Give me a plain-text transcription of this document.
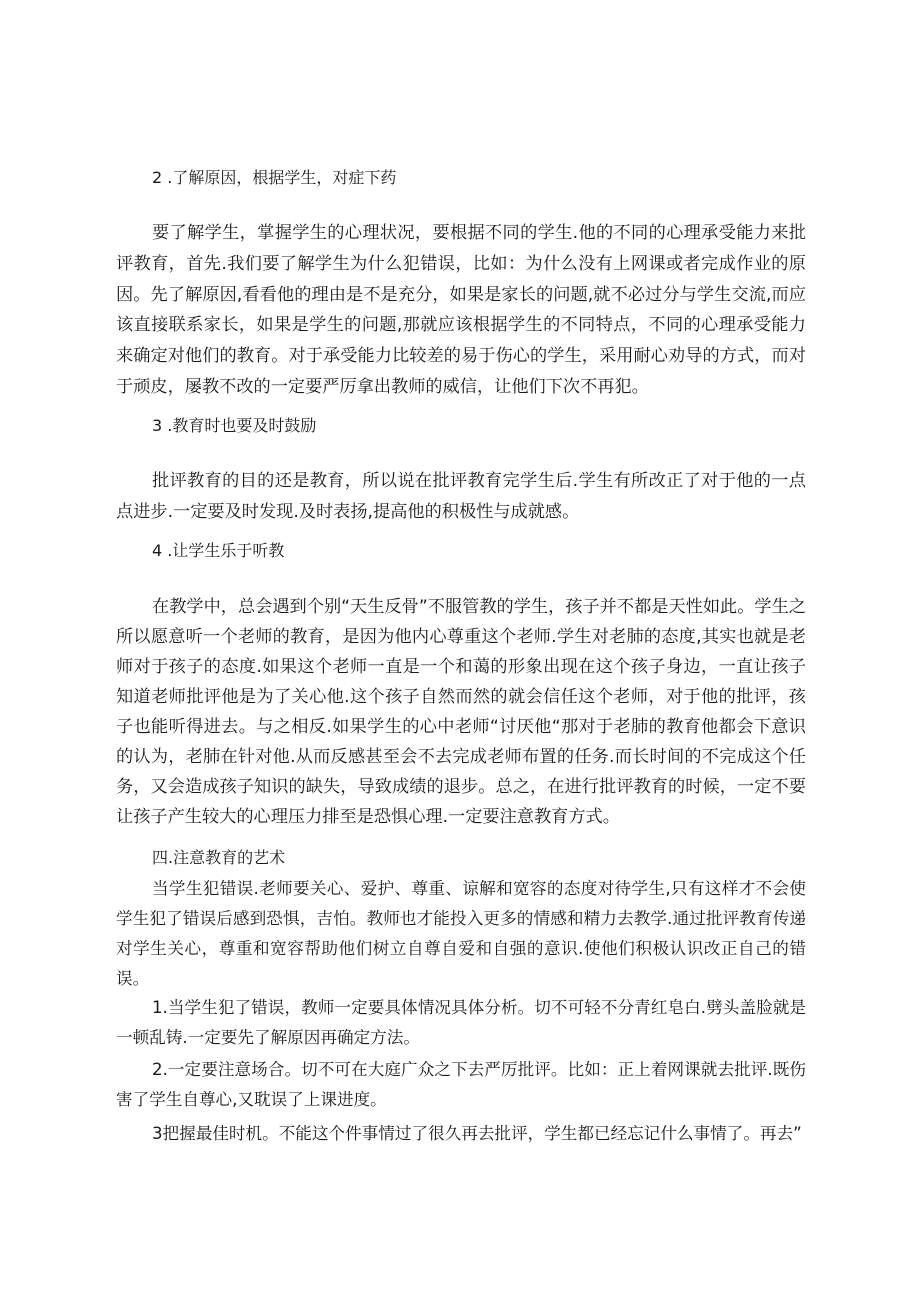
2 .了解原因，根据学生，对症下药

要了解学生，掌握学生的心理状况，要根据不同的学生.他的不同的心理承受能力来批评教育，首先.我们要了解学生为什么犯错误，比如：为什么没有上网课或者完成作业的原因。先了解原因,看看他的理由是不是充分，如果是家长的问题,就不必过分与学生交流,而应该直接联系家长，如果是学生的问题,那就应该根据学生的不同特点，不同的心理承受能力来确定对他们的教育。对于承受能力比较差的易于伤心的学生，采用耐心劝导的方式，而对于顽皮，屡教不改的一定要严厉拿出教师的威信，让他们下次不再犯。

3 .教育时也要及时鼓励

批评教育的目的还是教育，所以说在批评教育完学生后.学生有所改正了对于他的一点点进步.一定要及时发现.及时表扬,提高他的积极性与成就感。

4 .让学生乐于听教

在教学中，总会遇到个别“天生反骨”不服管教的学生，孩子并不都是天性如此。学生之所以愿意听一个老师的教育，是因为他内心尊重这个老师.学生对老肺的态度,其实也就是老师对于孩子的态度.如果这个老师一直是一个和蔼的形象出现在这个孩子身边，一直让孩子知道老师批评他是为了关心他.这个孩子自然而然的就会信任这个老师，对于他的批评，孩子也能听得进去。与之相反.如果学生的心中老师“讨厌他“那对于老肺的教育他都会下意识的认为，老肺在针对他.从而反感甚至会不去完成老师布置的任务.而长时间的不完成这个任务，又会造成孩子知识的缺失，导致成绩的退步。总之，在进行批评教育的时候，一定不要让孩子产生较大的心理压力排至是恐惧心理.一定要注意教育方式。

四.注意教育的艺术

当学生犯错误.老师要关心、爱护、尊重、谅解和宽容的态度对待学生,只有这样才不会使学生犯了错误后感到恐惧，吉怕。教师也才能投入更多的情感和精力去教学.通过批评教育传递对学生关心，尊重和宽容帮助他们树立自尊自爱和自强的意识.使他们积极认识改正自己的错误。

1.当学生犯了错误，教师一定要具体情况具体分析。切不可轻不分青红皂白.劈头盖脸就是一顿乱铸.一定要先了解原因再确定方法。

2.一定要注意场合。切不可在大庭广众之下去严厉批评。比如：正上着网课就去批评.既伤害了学生自尊心,又耽误了上课进度。

3把握最佳时机。不能这个件事情过了很久再去批评，学生都已经忘记什么事情了。再去”
